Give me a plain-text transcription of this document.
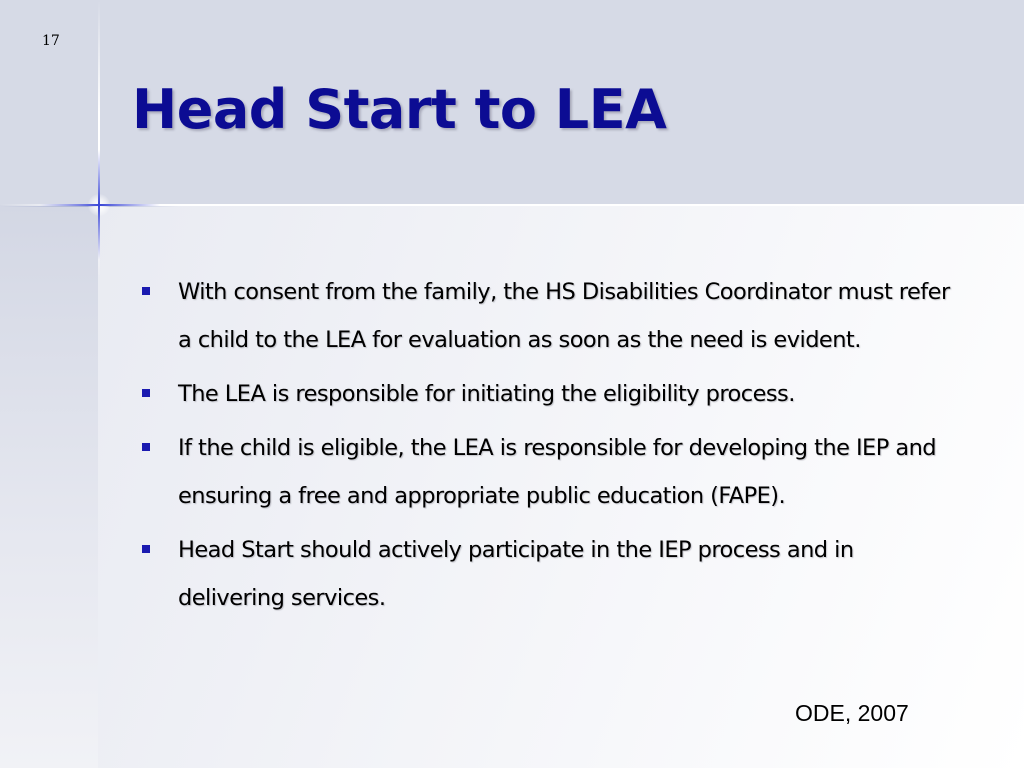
17
Head Start to LEA
With consent from the family, the HS Disabilities Coordinator must refer a child to the LEA for evaluation as soon as the need is evident.
The LEA is responsible for initiating the eligibility process.
If the child is eligible, the LEA is responsible for developing the IEP and ensuring a free and appropriate public education (FAPE).
Head Start should actively participate in the IEP process and in delivering services.
ODE, 2007
